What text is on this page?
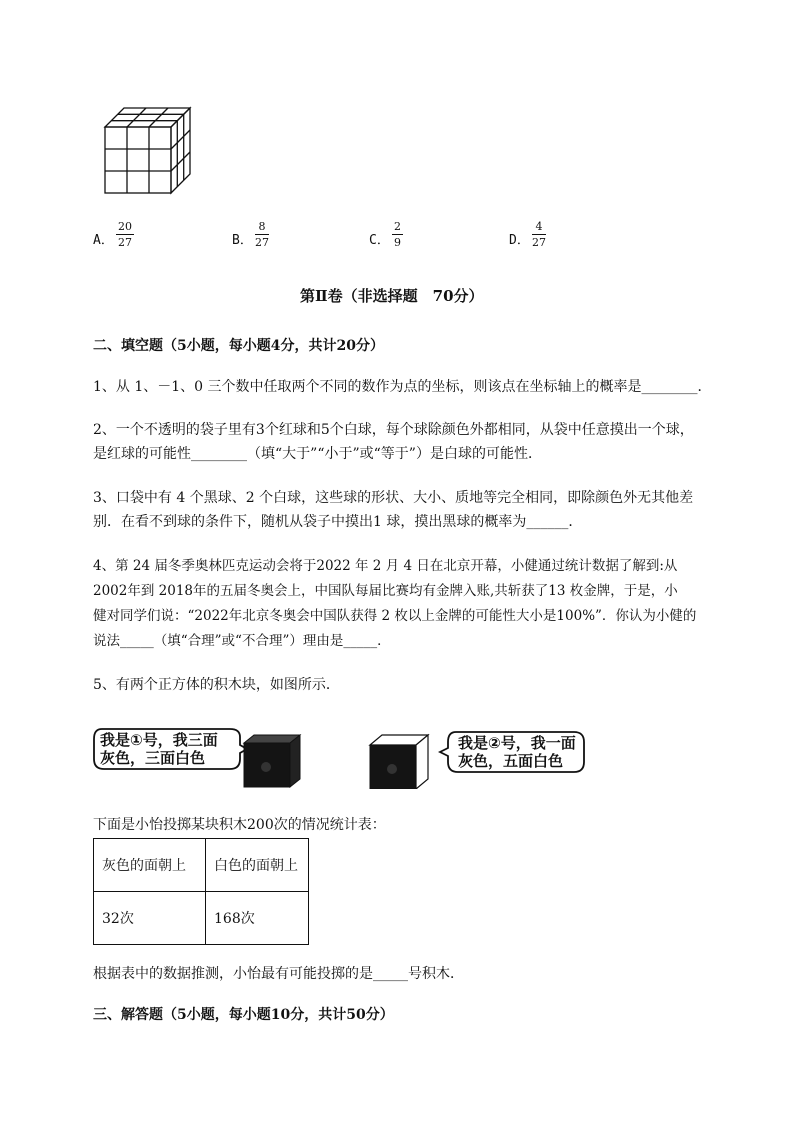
A．
20
27	B．
8
27	C．
2
9	D．
4
27
第Ⅱ卷（非选择题　70分）
二、填空题（5小题，每小题4分，共计20分）
1、从 1、－1、0 三个数中任取两个不同的数作为点的坐标，则该点在坐标轴上的概率是________．
2、一个不透明的袋子里有3个红球和5个白球，每个球除颜色外都相同，从袋中任意摸出一个球，
是红球的可能性________（填“大于”“小于”或“等于”）是白球的可能性．
3、口袋中有 4 个黑球、2 个白球，这些球的形状、大小、质地等完全相同，即除颜色外无其他差
别．在看不到球的条件下，随机从袋子中摸出1 球，摸出黑球的概率为______．
4、第 24 届冬季奥林匹克运动会将于2022 年 2 月 4 日在北京开幕，小健通过统计数据了解到:从
2002年到 2018年的五届冬奥会上，中国队每届比赛均有金牌入账,共斩获了13 枚金牌，于是，小
健对同学们说：“2022年北京冬奥会中国队获得 2 枚以上金牌的可能性大小是100%”．你认为小健的
说法_____（填“合理”或“不合理”）理由是_____．
5、有两个正方体的积木块，如图所示．
我是①号，我三面
灰色，三面白色
我是②号，我一面
灰色，五面白色
下面是小怡投掷某块积木200次的情况统计表：
灰色的面朝上	白色的面朝上
32次	168次
根据表中的数据推测，小怡最有可能投掷的是_____号积木．
三、解答题（5小题，每小题10分，共计50分）
